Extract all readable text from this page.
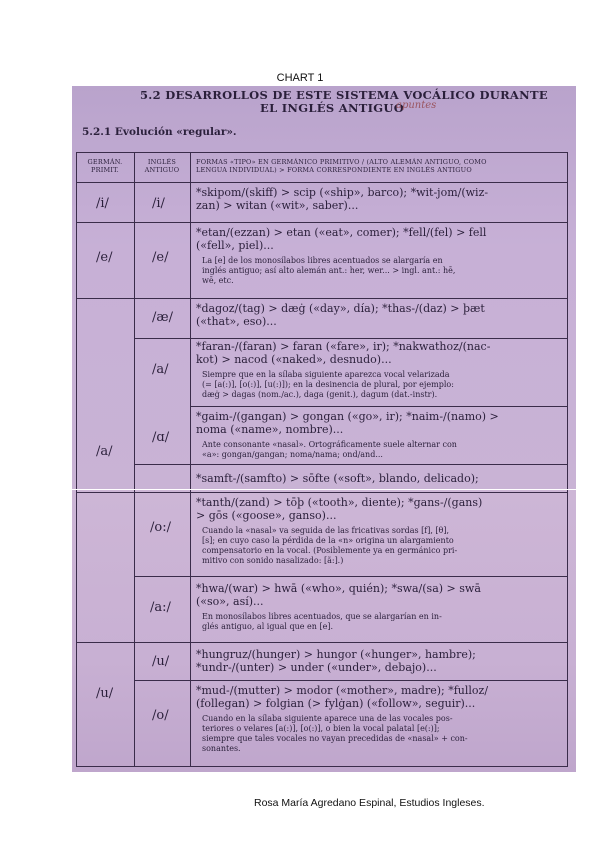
CHART 1
5.2 DESARROLLOS DE ESTE SISTEMA VOCÁLICO DURANTE
EL INGLÉS ANTIGUO
apuntes
5.2.1 Evolución «regular».
GERMÁN.
PRIMIT.
INGLÉS
ANTIGUO
FORMAS «TIPO» EN GERMÁNICO PRIMITIVO / (ALTO ALEMÁN ANTIGUO, COMO
LENGUA INDIVIDUAL) > FORMA CORRESPONDIENTE EN INGLÉS ANTIGUO
/i/
/e/
/a/
/i/
/e/
/æ/
/a/
/ɑ/
*skipom/(skiff) > scip («ship», barco); *wit-jom/(wiz-
zan) > witan («wit», saber)...
*etan/(ezzan) > etan («eat», comer); *fell/(fel) > fell
(«fell», piel)...
La [e] de los monosílabos libres acentuados se alargaría en
inglés antiguo; así alto alemán ant.: her, wer... > ingl. ant.: hē,
wē, etc.
*dagoz/(tag) > dæġ («day», día); *thas-/(daz) > þæt
(«that», eso)...
*faran-/(faran) > faran («fare», ir); *nakwathoz/(nac-
kot) > nacod («naked», desnudo)...
Siempre que en la sílaba siguiente aparezca vocal velarizada
(= [a(:)], [o(:)], [u(:)]); en la desinencia de plural, por ejemplo:
dæġ > dagas (nom./ac.), daga (genit.), dagum (dat.-instr).
*gaim-/(gangan) > gongan («go», ir); *naim-/(namo) >
noma («name», nombre)...
Ante consonante «nasal». Ortográficamente suele alternar con
«a»: gongan/gangan; noma/nama; ond/and...
*samft-/(samfto) > sōfte («soft», blando, delicado);
/o:/
/a:/
/u/
/o/
/u/
*tanth/(zand) > tōþ («tooth», diente); *gans-/(gans)
> gōs («goose», ganso)...
Cuando la «nasal» va seguida de las fricativas sordas [f], [θ],
[s]; en cuyo caso la pérdida de la «n» origina un alargamiento
compensatorio en la vocal. (Posiblemente ya en germánico pri-
mitivo con sonido nasalizado: [ã:].)
*hwa/(war) > hwā («who», quién); *swa/(sa) > swā
(«so», así)...
En monosílabos libres acentuados, que se alargarían en in-
glés antiguo, al igual que en [e].
*hungruz/(hunger) > hungor («hunger», hambre);
*undr-/(unter) > under («under», debajo)...
*mud-/(mutter) > modor («mother», madre); *fulloz/
(follegan) > folgian (> fylġan) («follow», seguir)...
Cuando en la sílaba siguiente aparece una de las vocales pos-
teriores o velares [a(:)], [o(:)], o bien la vocal palatal [e(:)];
siempre que tales vocales no vayan precedidas de «nasal» + con-
sonantes.
Rosa María Agredano Espinal, Estudios Ingleses.
